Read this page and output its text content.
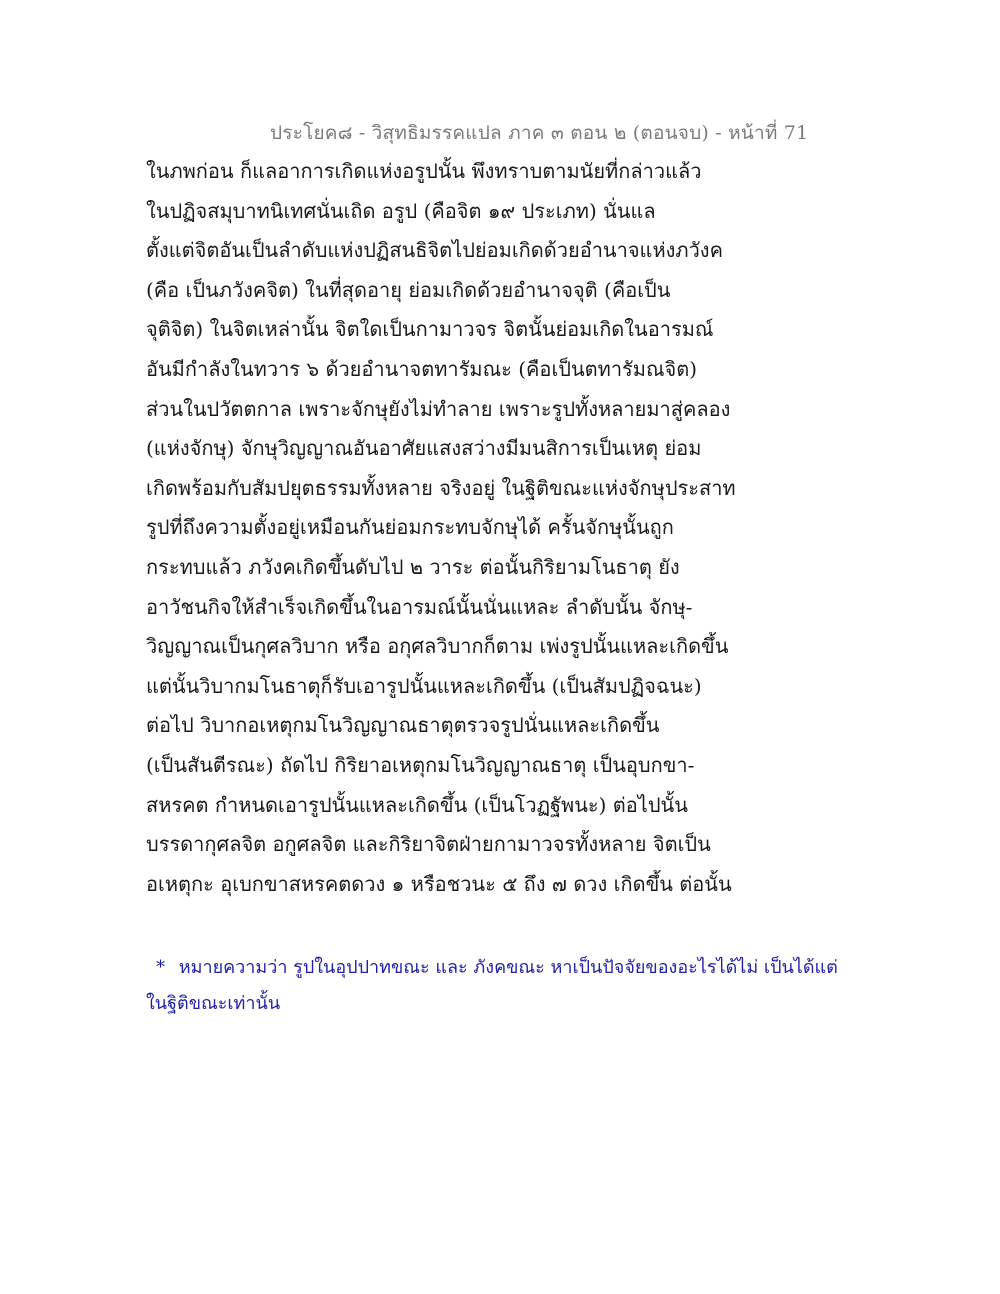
ประโยค๘ - วิสุทธิมรรคแปล ภาค ๓ ตอน ๒ (ตอนจบ) - หน้าที่ 71
ในภพก่อน ก็แลอาการเกิดแห่งอรูปนั้น พึงทราบตามนัยที่กล่าวแล้ว
ในปฏิจสมุบาทนิเทศนั่นเถิด อรูป (คือจิต ๑๙ ประเภท) นั่นแล
ตั้งแต่จิตอันเป็นลำดับแห่งปฏิสนธิจิตไปย่อมเกิดด้วยอำนาจแห่งภวังค
(คือ เป็นภวังคจิต) ในที่สุดอายุ ย่อมเกิดด้วยอำนาจจุติ (คือเป็น
จุติจิต) ในจิตเหล่านั้น จิตใดเป็นกามาวจร จิตนั้นย่อมเกิดในอารมณ์
อันมีกำลังในทวาร ๖ ด้วยอำนาจตทารัมณะ (คือเป็นตทารัมณจิต)
ส่วนในปวัตตกาล เพราะจักษุยังไม่ทำลาย เพราะรูปทั้งหลายมาสู่คลอง
(แห่งจักษุ) จักษุวิญญาณอันอาศัยแสงสว่างมีมนสิการเป็นเหตุ ย่อม
เกิดพร้อมกับสัมปยุตธรรมทั้งหลาย จริงอยู่ ในฐิติขณะแห่งจักษุประสาท
รูปที่ถึงความตั้งอยู่เหมือนกันย่อมกระทบจักษุได้ ครั้นจักษุนั้นถูก
กระทบแล้ว ภวังคเกิดขึ้นดับไป ๒ วาระ ต่อนั้นกิริยามโนธาตุ ยัง
อาวัชนกิจให้สำเร็จเกิดขึ้นในอารมณ์นั้นนั่นแหละ ลำดับนั้น จักษุ-
วิญญาณเป็นกุศลวิบาก หรือ อกุศลวิบากก็ตาม เพ่งรูปนั้นแหละเกิดขึ้น
แต่นั้นวิบากมโนธาตุก็รับเอารูปนั้นแหละเกิดขึ้น (เป็นสัมปฏิจฉนะ)
ต่อไป วิบากอเหตุกมโนวิญญาณธาตุตรวจรูปนั่นแหละเกิดขึ้น
(เป็นสันตีรณะ) ถัดไป กิริยาอเหตุกมโนวิญญาณธาตุ เป็นอุบกขา-
สหรคต กำหนดเอารูปนั้นแหละเกิดขึ้น (เป็นโวฏฐัพนะ) ต่อไปนั้น
บรรดากุศลจิต อกูศลจิต และกิริยาจิตฝ่ายกามาวจรทั้งหลาย จิตเป็น
อเหตุกะ อุเบกขาสหรคตดวง ๑ หรือชวนะ ๕ ถึง ๗ ดวง เกิดขึ้น ต่อนั้น
* หมายความว่า รูปในอุปปาทขณะ และ ภังคขณะ หาเป็นปัจจัยของอะไรได้ไม่ เป็นได้แต่
ในฐิติขณะเท่านั้น
